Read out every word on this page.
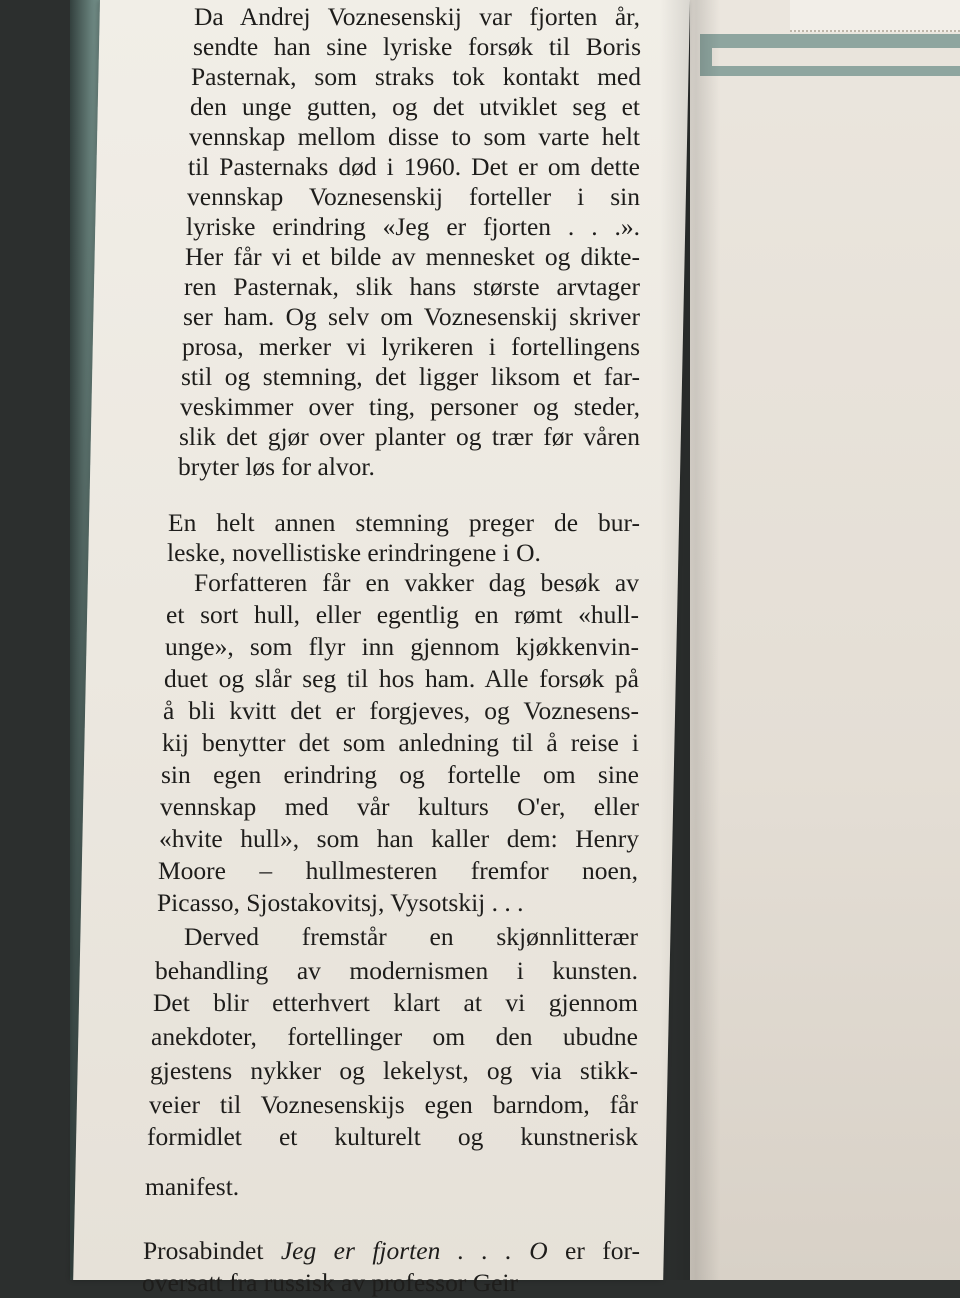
Da Andrej Voznesenskij var fjorten år,
sendte han sine lyriske forsøk til Boris
Pasternak, som straks tok kontakt med
den unge gutten, og det utviklet seg et
vennskap mellom disse to som varte helt
til Pasternaks død i 1960. Det er om dette
vennskap Voznesenskij forteller i sin
lyriske erindring «Jeg er fjorten . . .».
Her får vi et bilde av mennesket og dikte-
ren Pasternak, slik hans største arvtager
ser ham. Og selv om Voznesenskij skriver
prosa, merker vi lyrikeren i fortellingens
stil og stemning, det ligger liksom et far-
veskimmer over ting, personer og steder,
slik det gjør over planter og trær før våren
bryter løs for alvor.
En helt annen stemning preger de bur-
leske, novellistiske erindringene i O.
Forfatteren får en vakker dag besøk av
et sort hull, eller egentlig en rømt «hull-
unge», som flyr inn gjennom kjøkkenvin-
duet og slår seg til hos ham. Alle forsøk på
å bli kvitt det er forgjeves, og Voznesens-
kij benytter det som anledning til å reise i
sin egen erindring og fortelle om sine
vennskap med vår kulturs O'er, eller
«hvite hull», som han kaller dem: Henry
Moore – hullmesteren fremfor noen,
Picasso, Sjostakovitsj, Vysotskij . . .
Derved fremstår en skjønnlitterær
behandling av modernismen i kunsten.
Det blir etterhvert klart at vi gjennom
anekdoter, fortellinger om den ubudne
gjestens nykker og lekelyst, og via stikk-
veier til Voznesenskijs egen barndom, får
formidlet et kulturelt og kunstnerisk
manifest.
Prosabindet Jeg er fjorten . . . O er for-
oversatt fra russisk av professor Geir
